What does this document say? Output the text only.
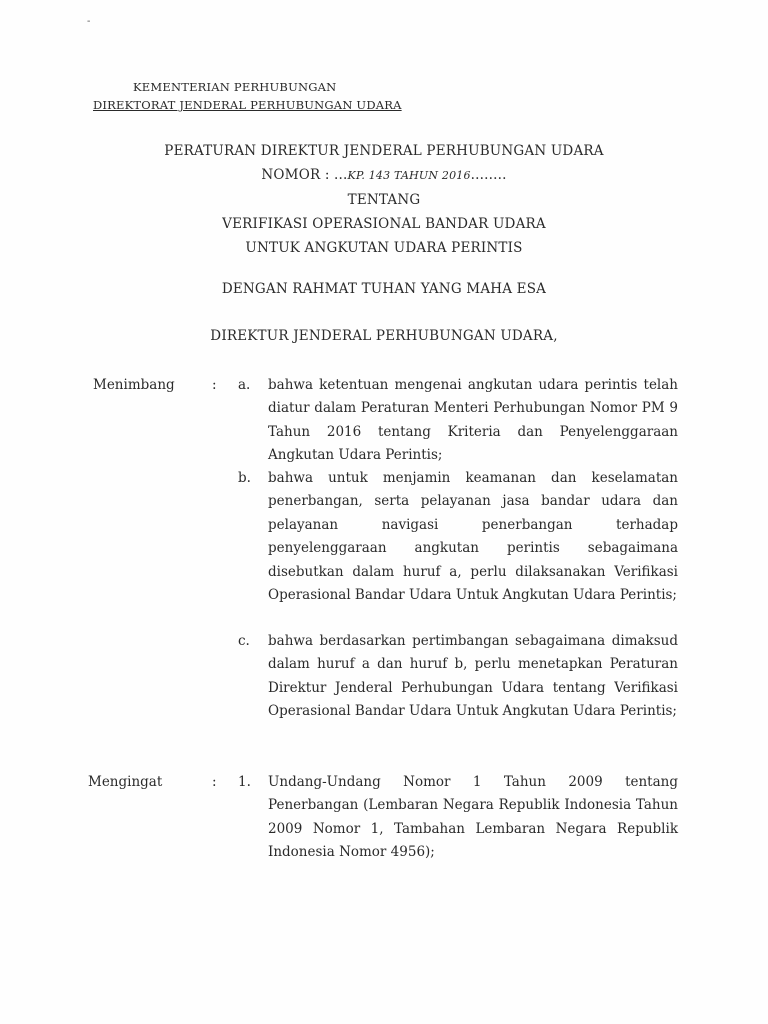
-
KEMENTERIAN PERHUBUNGAN
DIREKTORAT JENDERAL PERHUBUNGAN UDARA
PERATURAN DIREKTUR JENDERAL PERHUBUNGAN UDARA
NOMOR : ...KP. 143 TAHUN 2016........
TENTANG
VERIFIKASI OPERASIONAL BANDAR UDARA
UNTUK ANGKUTAN UDARA PERINTIS
DENGAN RAHMAT TUHAN YANG MAHA ESA
DIREKTUR JENDERAL PERHUBUNGAN UDARA,
Menimbang	: a. bahwa ketentuan mengenai angkutan udara perintis telah diatur dalam Peraturan Menteri Perhubungan Nomor PM 9 Tahun 2016 tentang Kriteria dan Penyelenggaraan Angkutan Udara Perintis;
b. bahwa untuk menjamin keamanan dan keselamatan penerbangan, serta pelayanan jasa bandar udara dan pelayanan navigasi penerbangan terhadap penyelenggaraan angkutan perintis sebagaimana disebutkan dalam huruf a, perlu dilaksanakan Verifikasi Operasional Bandar Udara Untuk Angkutan Udara Perintis;
c. bahwa berdasarkan pertimbangan sebagaimana dimaksud dalam huruf a dan huruf b, perlu menetapkan Peraturan Direktur Jenderal Perhubungan Udara tentang Verifikasi Operasional Bandar Udara Untuk Angkutan Udara Perintis;
Mengingat	: 1. Undang-Undang Nomor 1 Tahun 2009 tentang Penerbangan (Lembaran Negara Republik Indonesia Tahun 2009 Nomor 1, Tambahan Lembaran Negara Republik Indonesia Nomor 4956);
